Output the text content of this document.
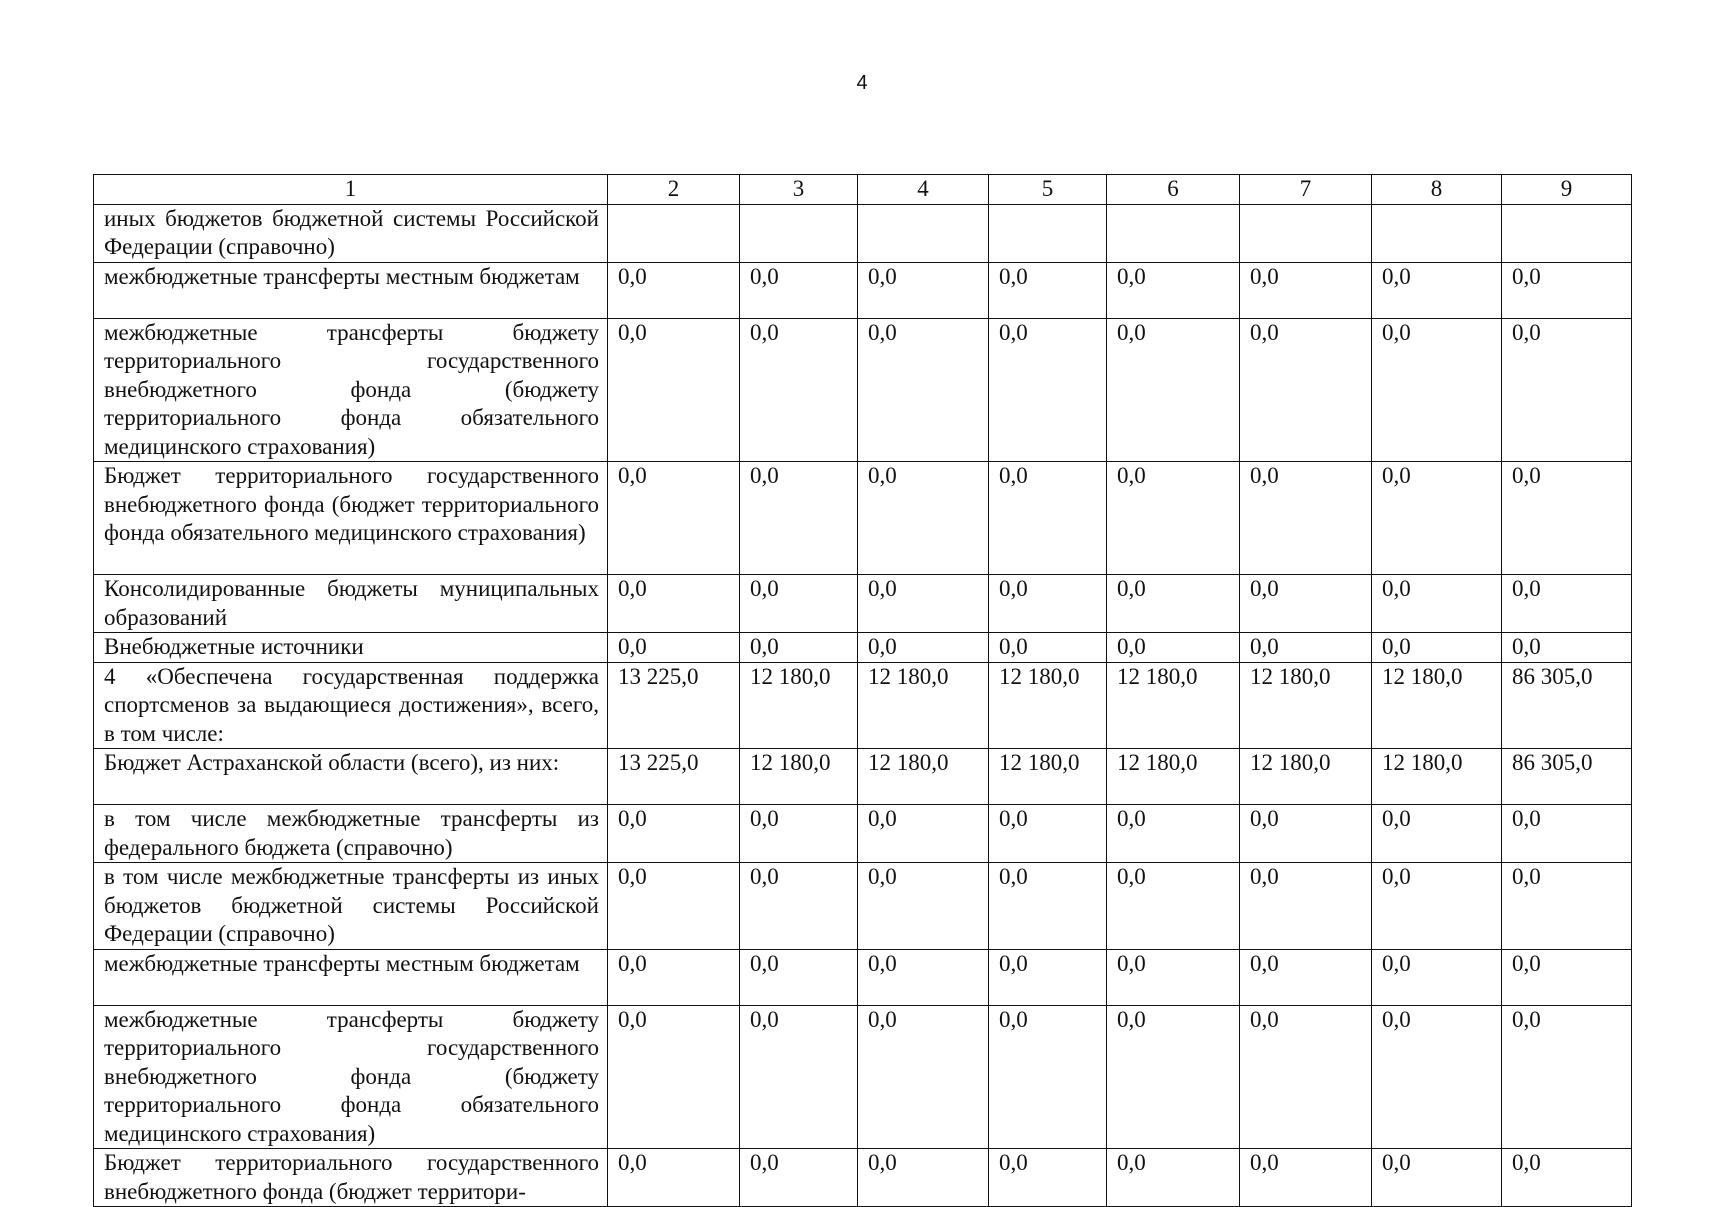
4
1	2	3	4	5	6	7	8	9
иных бюджетов бюджетной системы Российской Федерации (справочно)								
межбюджетные трансферты местным бюджетам	0,0	0,0	0,0	0,0	0,0	0,0	0,0	0,0
межбюджетные трансферты бюджету территориального государственного внебюджетного фонда (бюджету территориального фонда обязательного медицинского страхования)	0,0	0,0	0,0	0,0	0,0	0,0	0,0	0,0
Бюджет территориального государственного внебюджетного фонда (бюджет территориального фонда обязательного медицинского страхования)	0,0	0,0	0,0	0,0	0,0	0,0	0,0	0,0
Консолидированные бюджеты муниципальных образований	0,0	0,0	0,0	0,0	0,0	0,0	0,0	0,0
Внебюджетные источники	0,0	0,0	0,0	0,0	0,0	0,0	0,0	0,0
4 «Обеспечена государственная поддержка спортсменов за выдающиеся достижения», всего, в том числе:	13 225,0	12 180,0	12 180,0	12 180,0	12 180,0	12 180,0	12 180,0	86 305,0
Бюджет Астраханской области (всего), из них:	13 225,0	12 180,0	12 180,0	12 180,0	12 180,0	12 180,0	12 180,0	86 305,0
в том числе межбюджетные трансферты из федерального бюджета (справочно)	0,0	0,0	0,0	0,0	0,0	0,0	0,0	0,0
в том числе межбюджетные трансферты из иных бюджетов бюджетной системы Российской Федерации (справочно)	0,0	0,0	0,0	0,0	0,0	0,0	0,0	0,0
межбюджетные трансферты местным бюджетам	0,0	0,0	0,0	0,0	0,0	0,0	0,0	0,0
межбюджетные трансферты бюджету территориального государственного внебюджетного фонда (бюджету территориального фонда обязательного медицинского страхования)	0,0	0,0	0,0	0,0	0,0	0,0	0,0	0,0
Бюджет территориального государственного внебюджетного фонда (бюджет территори-	0,0	0,0	0,0	0,0	0,0	0,0	0,0	0,0
